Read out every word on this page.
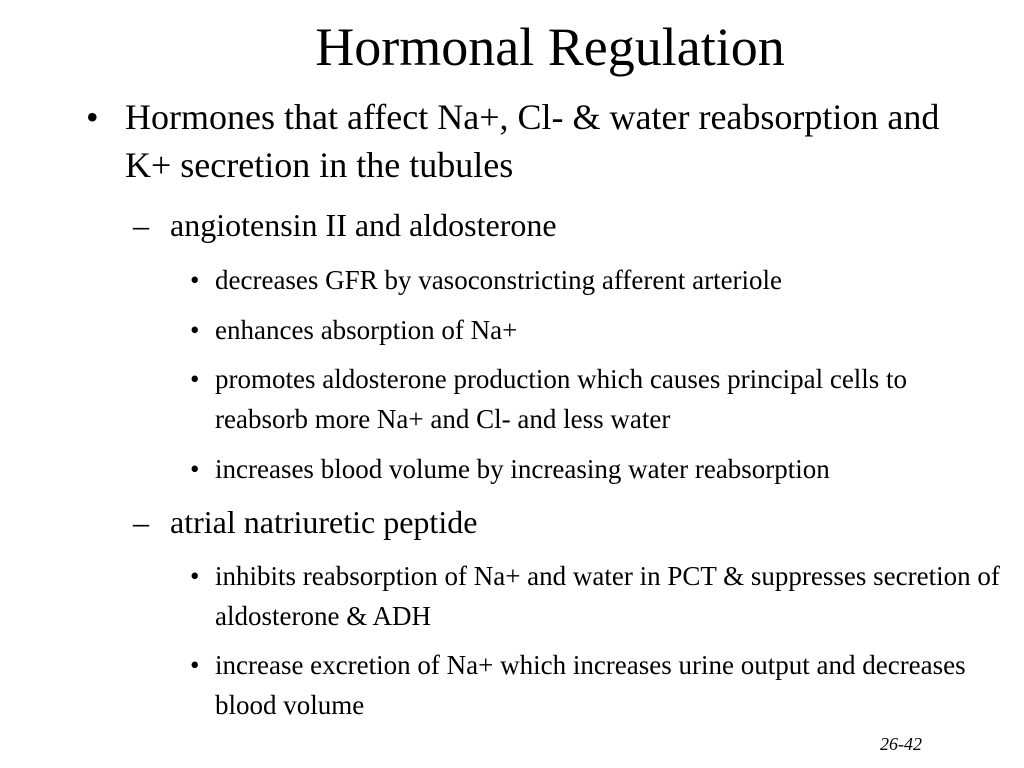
Hormonal Regulation
• Hormones that affect Na+, Cl- & water reabsorption and K+ secretion in the tubules
– angiotensin II and aldosterone
• decreases GFR by vasoconstricting afferent arteriole
• enhances absorption of Na+
• promotes aldosterone production which causes principal cells to reabsorb more Na+ and Cl- and less water
• increases blood volume by increasing water reabsorption
– atrial natriuretic peptide
• inhibits reabsorption of Na+ and water in PCT & suppresses secretion of aldosterone & ADH
• increase excretion of Na+ which increases urine output and decreases blood volume
26-42
